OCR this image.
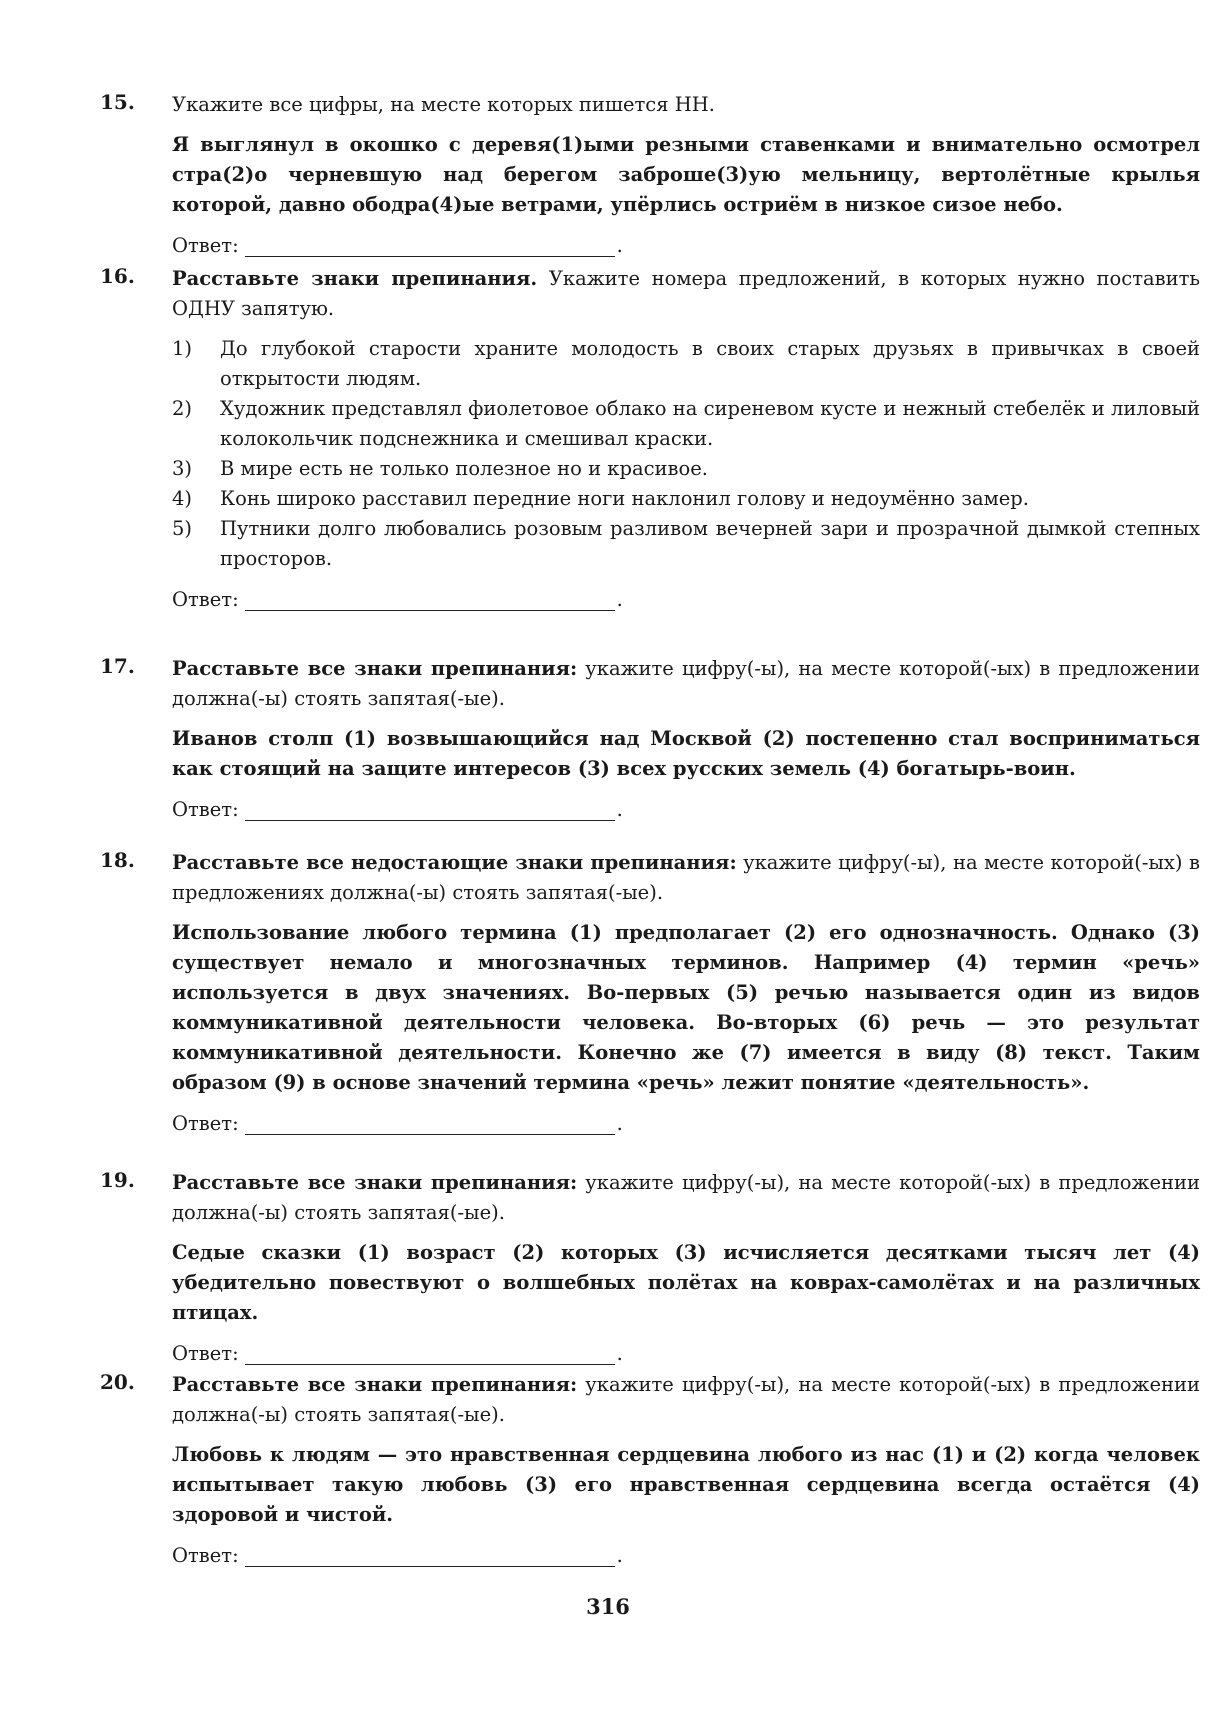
15. Укажите все цифры, на месте которых пишется НН.
Я выглянул в окошко с деревя(1)ыми резными ставенками и внимательно осмотрел стра(2)о черневшую над берегом заброше(3)ую мельницу, вертолётные крылья которой, давно ободра(4)ые ветрами, упёрлись остриём в низкое сизое небо.
Ответ:	.
16. Расставьте знаки препинания. Укажите номера предложений, в которых нужно поставить ОДНУ запятую.
1)	До глубокой старости храните молодость в своих старых друзьях в привычках в своей открытости людям.
2)	Художник представлял фиолетовое облако на сиреневом кусте и нежный стебелёк и лиловый колокольчик подснежника и смешивал краски.
3)	В мире есть не только полезное но и красивое.
4)	Конь широко расставил передние ноги наклонил голову и недоумённо замер.
5)	Путники долго любовались розовым разливом вечерней зари и прозрачной дымкой степных просторов.
Ответ:	.
17. Расставьте все знаки препинания: укажите цифру(-ы), на месте которой(-ых) в предложении должна(-ы) стоять запятая(-ые).
Иванов столп (1) возвышающийся над Москвой (2) постепенно стал восприниматься как стоящий на защите интересов (3) всех русских земель (4) богатырь-воин.
Ответ:	.
18. Расставьте все недостающие знаки препинания: укажите цифру(-ы), на месте которой(-ых) в предложениях должна(-ы) стоять запятая(-ые).
Использование любого термина (1) предполагает (2) его однозначность. Однако (3) существует немало и многозначных терминов. Например (4) термин «речь» используется в двух значениях. Во-первых (5) речью называется один из видов коммуникативной деятельности человека. Во-вторых (6) речь — это результат коммуникативной деятельности. Конечно же (7) имеется в виду (8) текст. Таким образом (9) в основе значений термина «речь» лежит понятие «деятельность».
Ответ:	.
19. Расставьте все знаки препинания: укажите цифру(-ы), на месте которой(-ых) в предложении должна(-ы) стоять запятая(-ые).
Седые сказки (1) возраст (2) которых (3) исчисляется десятками тысяч лет (4) убедительно повествуют о волшебных полётах на коврах-самолётах и на различных птицах.
Ответ:	.
20. Расставьте все знаки препинания: укажите цифру(-ы), на месте которой(-ых) в предложении должна(-ы) стоять запятая(-ые).
Любовь к людям — это нравственная сердцевина любого из нас (1) и (2) когда человек испытывает такую любовь (3) его нравственная сердцевина всегда остаётся (4) здоровой и чистой.
Ответ:	.
316
